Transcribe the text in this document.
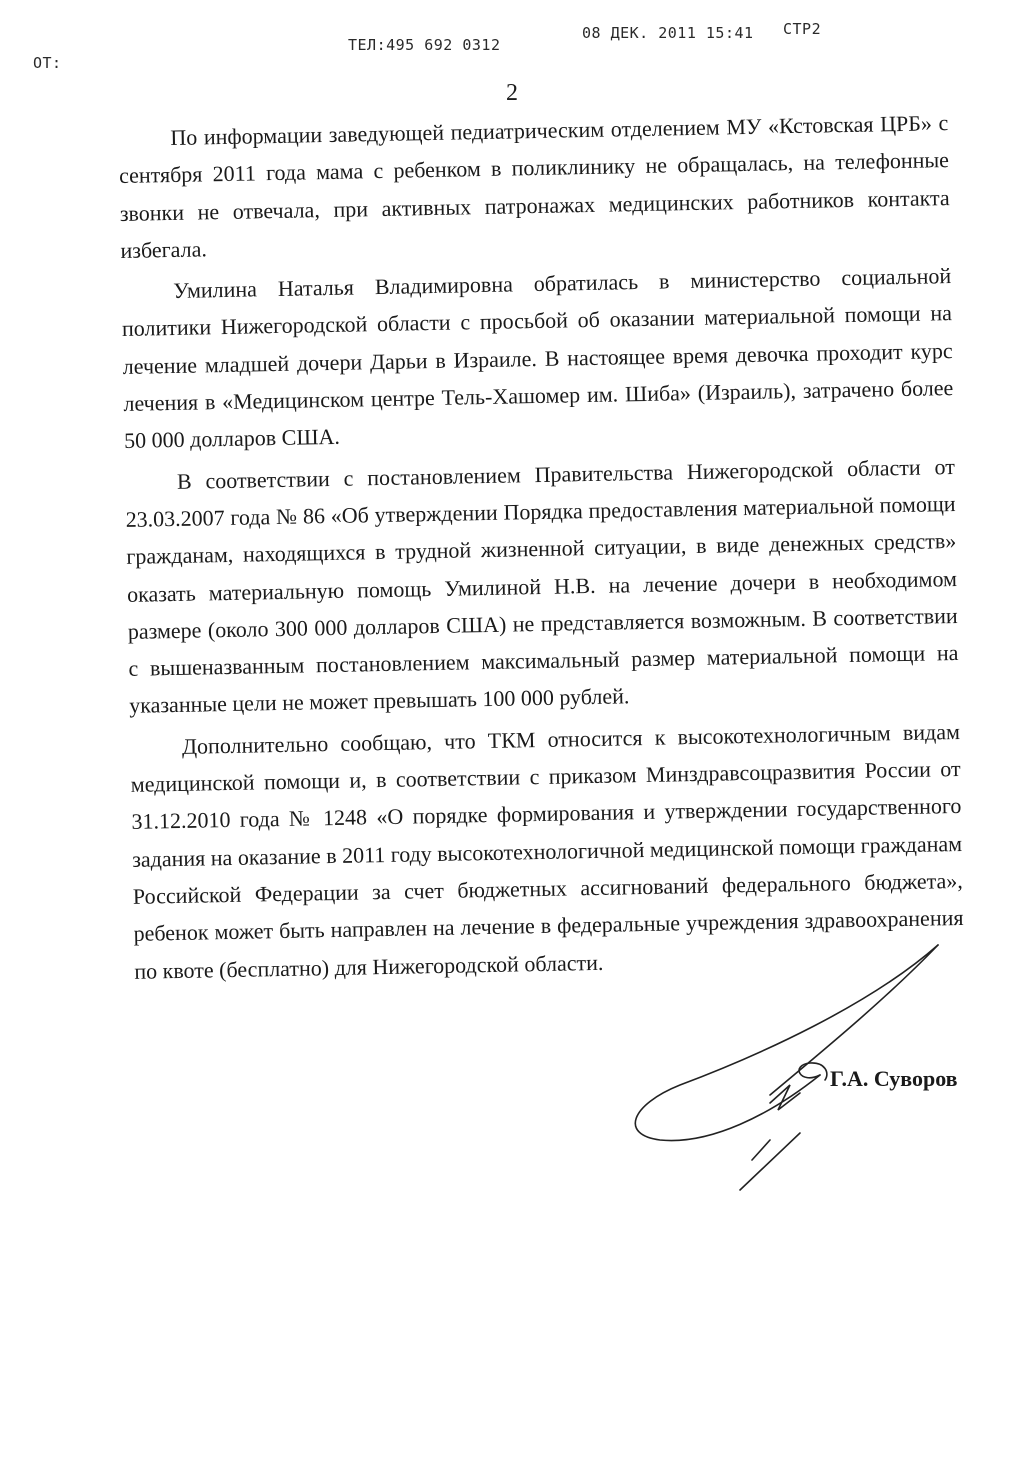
ОТ:
ТЕЛ:495 692 0312
08 ДЕК. 2011 15:41 СТР2
2

По информации заведующей педиатрическим отделением МУ «Кстовская ЦРБ» с сентября 2011 года мама с ребенком в поликлинику не обращалась, на телефонные звонки не отвечала, при активных патронажах медицинских работников контакта избегала.

Умилина Наталья Владимировна обратилась в министерство социальной политики Нижегородской области с просьбой об оказании материальной помощи на лечение младшей дочери Дарьи в Израиле. В настоящее время девочка проходит курс лечения в «Медицинском центре Тель-Хашомер им. Шиба» (Израиль), затрачено более 50 000 долларов США.

В соответствии с постановлением Правительства Нижегородской области от 23.03.2007 года № 86 «Об утверждении Порядка предоставления материальной помощи гражданам, находящихся в трудной жизненной ситуации, в виде денежных средств» оказать материальную помощь Умилиной Н.В. на лечение дочери в необходимом размере (около 300 000 долларов США) не представляется возможным. В соответствии с вышеназванным постановлением максимальный размер материальной помощи на указанные цели не может превышать 100 000 рублей.

Дополнительно сообщаю, что ТКМ относится к высокотехнологичным видам медицинской помощи и, в соответствии с приказом Минздравсоцразвития России от 31.12.2010 года № 1248 «О порядке формирования и утверждении государственного задания на оказание в 2011 году высокотехнологичной медицинской помощи гражданам Российской Федерации за счет бюджетных ассигнований федерального бюджета», ребенок может быть направлен на лечение в федеральные учреждения здравоохранения по квоте (бесплатно) для Нижегородской области.

Г.А. Суворов
